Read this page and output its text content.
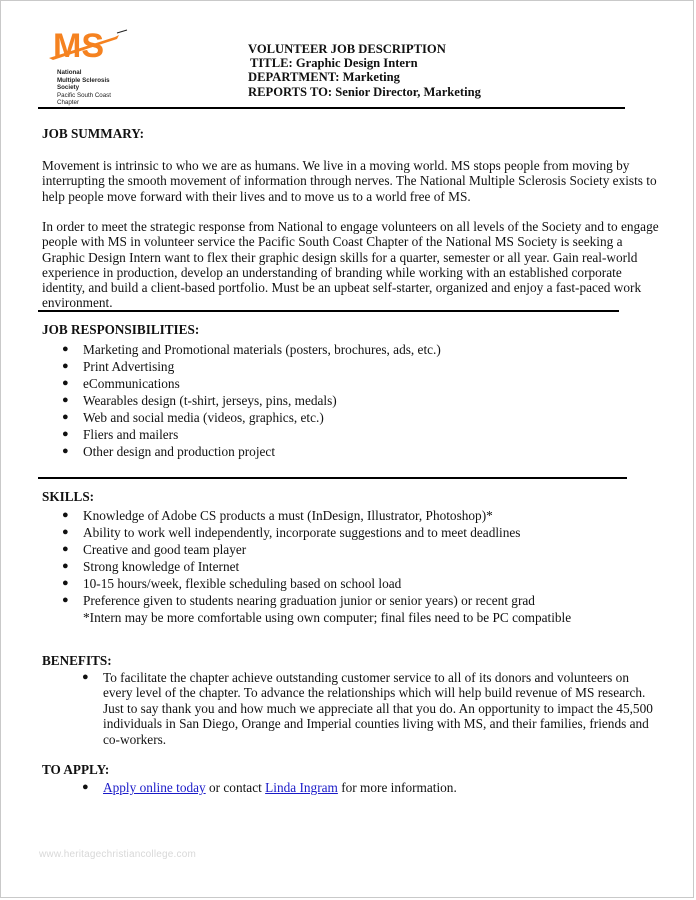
MS
National
Multiple Sclerosis
Society
Pacific South Coast
Chapter
VOLUNTEER JOB DESCRIPTION
TITLE: Graphic Design Intern
DEPARTMENT: Marketing
REPORTS TO: Senior Director, Marketing
JOB SUMMARY:
Movement is intrinsic to who we are as humans. We live in a moving world. MS stops people from moving by
interrupting the smooth movement of information through nerves. The National Multiple Sclerosis Society exists to
help people move forward with their lives and to move us to a world free of MS.
In order to meet the strategic response from National to engage volunteers on all levels of the Society and to engage
people with MS in volunteer service the Pacific South Coast Chapter of the National MS Society is seeking a
Graphic Design Intern want to flex their graphic design skills for a quarter, semester or all year. Gain real-world
experience in production, develop an understanding of branding while working with an established corporate
identity, and build a client-based portfolio. Must be an upbeat self-starter, organized and enjoy a fast-paced work
environment.
JOB RESPONSIBILITIES:
● Marketing and Promotional materials (posters, brochures, ads, etc.)
● Print Advertising
● eCommunications
● Wearables design (t-shirt, jerseys, pins, medals)
● Web and social media (videos, graphics, etc.)
● Fliers and mailers
● Other design and production project
SKILLS:
● Knowledge of Adobe CS products a must (InDesign, Illustrator, Photoshop)*
● Ability to work well independently, incorporate suggestions and to meet deadlines
● Creative and good team player
● Strong knowledge of Internet
● 10-15 hours/week, flexible scheduling based on school load
● Preference given to students nearing graduation junior or senior years) or recent grad
*Intern may be more comfortable using own computer; final files need to be PC compatible
BENEFITS:
● To facilitate the chapter achieve outstanding customer service to all of its donors and volunteers on
every level of the chapter. To advance the relationships which will help build revenue of MS research.
Just to say thank you and how much we appreciate all that you do. An opportunity to impact the 45,500
individuals in San Diego, Orange and Imperial counties living with MS, and their families, friends and
co-workers.
TO APPLY:
● Apply online today or contact Linda Ingram for more information.
www.heritagechristiancollege.com
